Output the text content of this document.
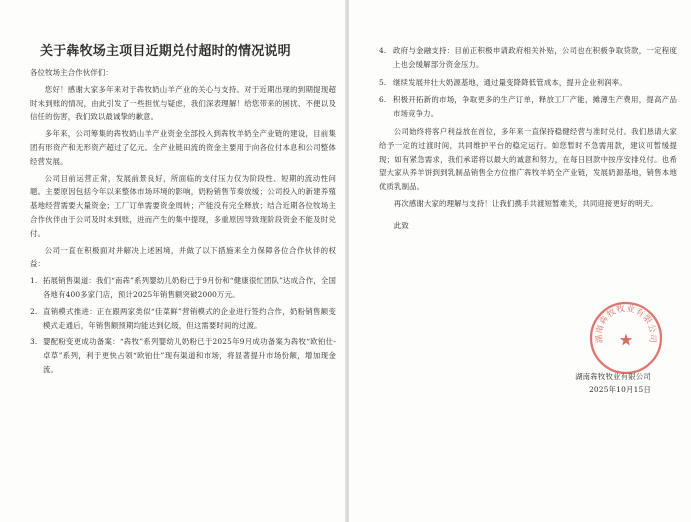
关于犇牧场主项目近期兑付超时的情况说明

各位牧场主合作伙伴们：

您好！感谢大家多年来对于犇牧奶山羊产业的关心与支持。对于近期出现的到期提现超时未到账的情况，由此引发了一些担忧与疑虑，我们深表理解！给您带来的困扰、不便以及信任的伤害，我们致以最诚挚的歉意。

多年来，公司筹集的犇牧奶山羊产业资金全部投入到犇牧羊奶全产业链的建设，目前集团有形资产和无形资产超过了亿元。全产业链田流的资金主要用于向各位付本息和公司整体经营发展。

公司目前运营正常，发展前景良好，所面临的支付压力仅为阶段性、短期的流动性问题。主要原因包括今年以来整体市场环境的影响，奶粉销售节奏放缓；公司投入的新建养殖基地经营需要大量资金；工厂订单需要资金周转；产能没有完全释放；结合近期各位牧场主合作伙伴由于公司及时未到账，进而产生的集中提现，多重原因导致现阶段资金不能及时兑付。

公司一直在积极面对并解决上述困境，并做了以下措施来全力保障各位合作伙伴的权益：

1. 拓展销售渠道：我们“南犇”系列婴幼儿奶粉已于9月份和“健康很忙团队”达成合作，全国各地有400多家门店，预计2025年销售额突破2000万元。
2. 直销模式推进：正在跟两家类似“佳菜鲜”营销模式的企业进行签约合作，奶粉销售额变模式走通后，年销售额预期均能达到亿级，但这需要时间的过渡。
3. 婴配粉变更成功备案：“犇牧”系列婴幼儿奶粉已于2025年9月成功备案为犇牧“欧铂仕-卓草”系列，利于更快占领“欧铂仕”现有渠道和市场，将显著提升市场份额，增加现金流。
4. 政府与金融支持：目前正积极申请政府相关补贴，公司也在积极争取贷款，一定程度上也会缓解部分资金压力。
5. 继续发展井壮大奶源基地，通过量变降降低管成本，提升企业利润率。
6. 积极开拓新的市场，争取更多的生产订单，释放工厂产能，摊薄生产费用，提高产品市场竞争力。

公司始终将客户利益放在首位，多年来一直保持稳健经营与准时兑付。我们恳请大家给予一定的过渡时间，共同维护平台的稳定运行。如您暂时不急需用款，建议可暂缓提现；如有紧急需求，我们承诺将以最大的诚意和努力，在每日回款中按序安排兑付。也希望大家从养羊饼到到乳制品销售全方位推广犇牧羊奶全产业链，发展奶源基地，销售本地优质乳制品。

再次感谢大家的理解与支持！让我们携手共渡短暂难关，共同迎接更好的明天。

此致

湖南犇牧牧业有限公司
2025年10月15日
湖南犇牧牧业有限公司
★
